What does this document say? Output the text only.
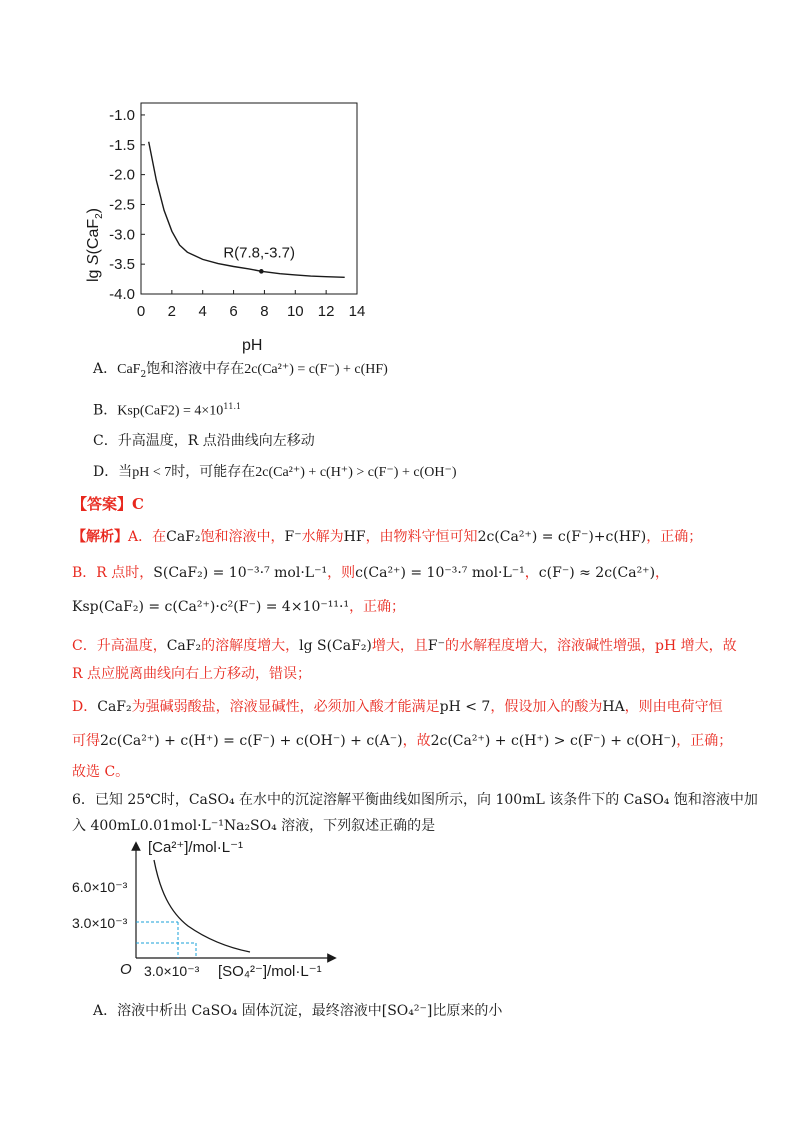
-1.0
-1.5
-2.0
-2.5
-3.0
-3.5
-4.0
0 2 4 6 8 10 12 14
R(7.8,-3.7)
pH
lg S(CaF$_2$)
A．CaF$_2$饱和溶液中存在2c(Ca²⁺) = c(F⁻) + c(HF)
B．$Ksp(CaF2) = 4\times 10^{11.1}$
C．升高温度，R 点沿曲线向左移动
D．当pH < 7时，可能存在2c(Ca²⁺) + c(H⁺) > c(F⁻) + c(OH⁻)
【答案】C
【解析】A．在CaF₂饱和溶液中，F⁻水解为HF，由物料守恒可知2c(Ca²⁺) = c(F⁻)+c(HF)，正确；
B．R 点时，S(CaF₂) = 10⁻³·⁷ mol·L⁻¹，则c(Ca²⁺) = 10⁻³·⁷ mol·L⁻¹，c(F⁻) ≈ 2c(Ca²⁺)，
Ksp(CaF₂) = c(Ca²⁺)·c²(F⁻) = 4×10⁻¹¹·¹，正确；
C．升高温度，CaF₂的溶解度增大，lg S(CaF₂)增大，且F⁻的水解程度增大，溶液碱性增强，pH 增大，故
R 点应脱离曲线向右上方移动，错误；
D．CaF₂为强碱弱酸盐，溶液显碱性，必须加入酸才能满足pH < 7，假设加入的酸为HA，则由电荷守恒
可得2c(Ca²⁺) + c(H⁺) = c(F⁻) + c(OH⁻) + c(A⁻)，故2c(Ca²⁺) + c(H⁺) > c(F⁻) + c(OH⁻)，正确；
故选 C。
6．已知 25℃时，CaSO₄ 在水中的沉淀溶解平衡曲线如图所示，向 100mL 该条件下的 CaSO₄ 饱和溶液中加
入 400mL0.01mol·L⁻¹Na₂SO₄ 溶液，下列叙述正确的是
[Ca²⁺]/mol·L⁻¹
6.0×10⁻³
3.0×10⁻³
O 3.0×10⁻³ [SO₄²⁻]/mol·L⁻¹
A．溶液中析出 CaSO₄ 固体沉淀，最终溶液中[SO₄²⁻]比原来的小
